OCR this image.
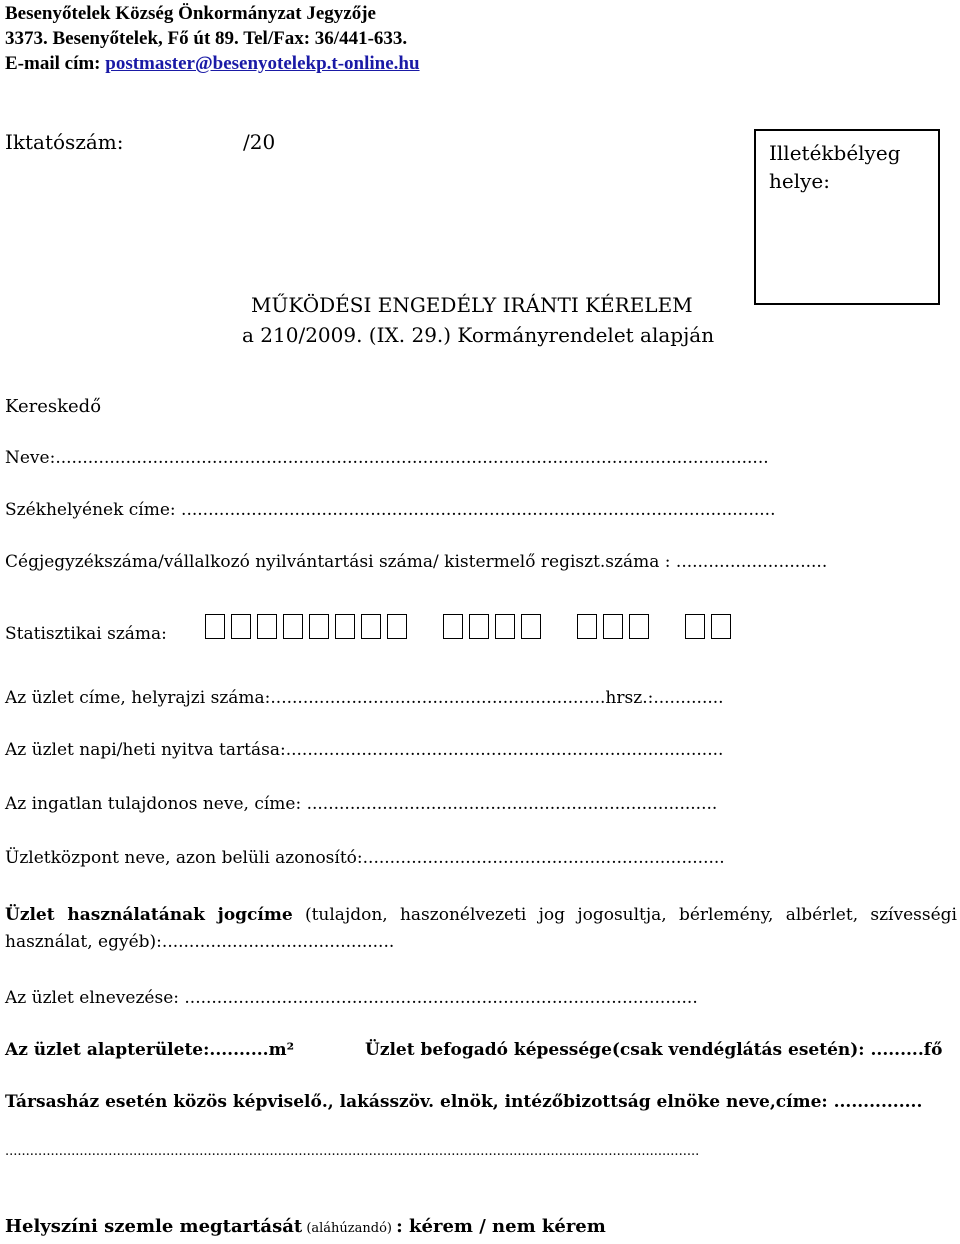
Besenyőtelek Község Önkormányzat Jegyzője
3373. Besenyőtelek, Fő út 89. Tel/Fax: 36/441-633.
E-mail cím: postmaster@besenyotelekp.t-online.hu
Iktatószám:	/20	Illetékbélyeg helye:
MŰKÖDÉSI ENGEDÉLY IRÁNTI KÉRELEM
a 210/2009. (IX. 29.) Kormányrendelet alapján
Kereskedő
Neve:....................................................................................................................................
Székhelyének címe: ..............................................................................................................
Cégjegyzékszáma/vállalkozó nyilvántartási száma/ kistermelő regiszt.száma : ............................
Statisztikai száma:
Az üzlet címe, helyrajzi száma:..............................................................hrsz.:.............
Az üzlet napi/heti nyitva tartása:.................................................................................
Az ingatlan tulajdonos neve, címe: ............................................................................
Üzletközpont neve, azon belüli azonosító:...................................................................
Üzlet használatának jogcíme (tulajdon, haszonélvezeti jog jogosultja, bérlemény, albérlet, szívességi használat, egyéb):...........................................
Az üzlet elnevezése: ...............................................................................................
Az üzlet alapterülete:..........m²	Üzlet befogadó képessége(csak vendéglátás esetén): .........fő
Társasház esetén közös képviselő., lakásszöv. elnök, intézőbizottság elnöke neve,címe: ...............
........................................................................................................................................................................
Helyszíni szemle megtartását (aláhúzandó) : kérem / nem kérem
